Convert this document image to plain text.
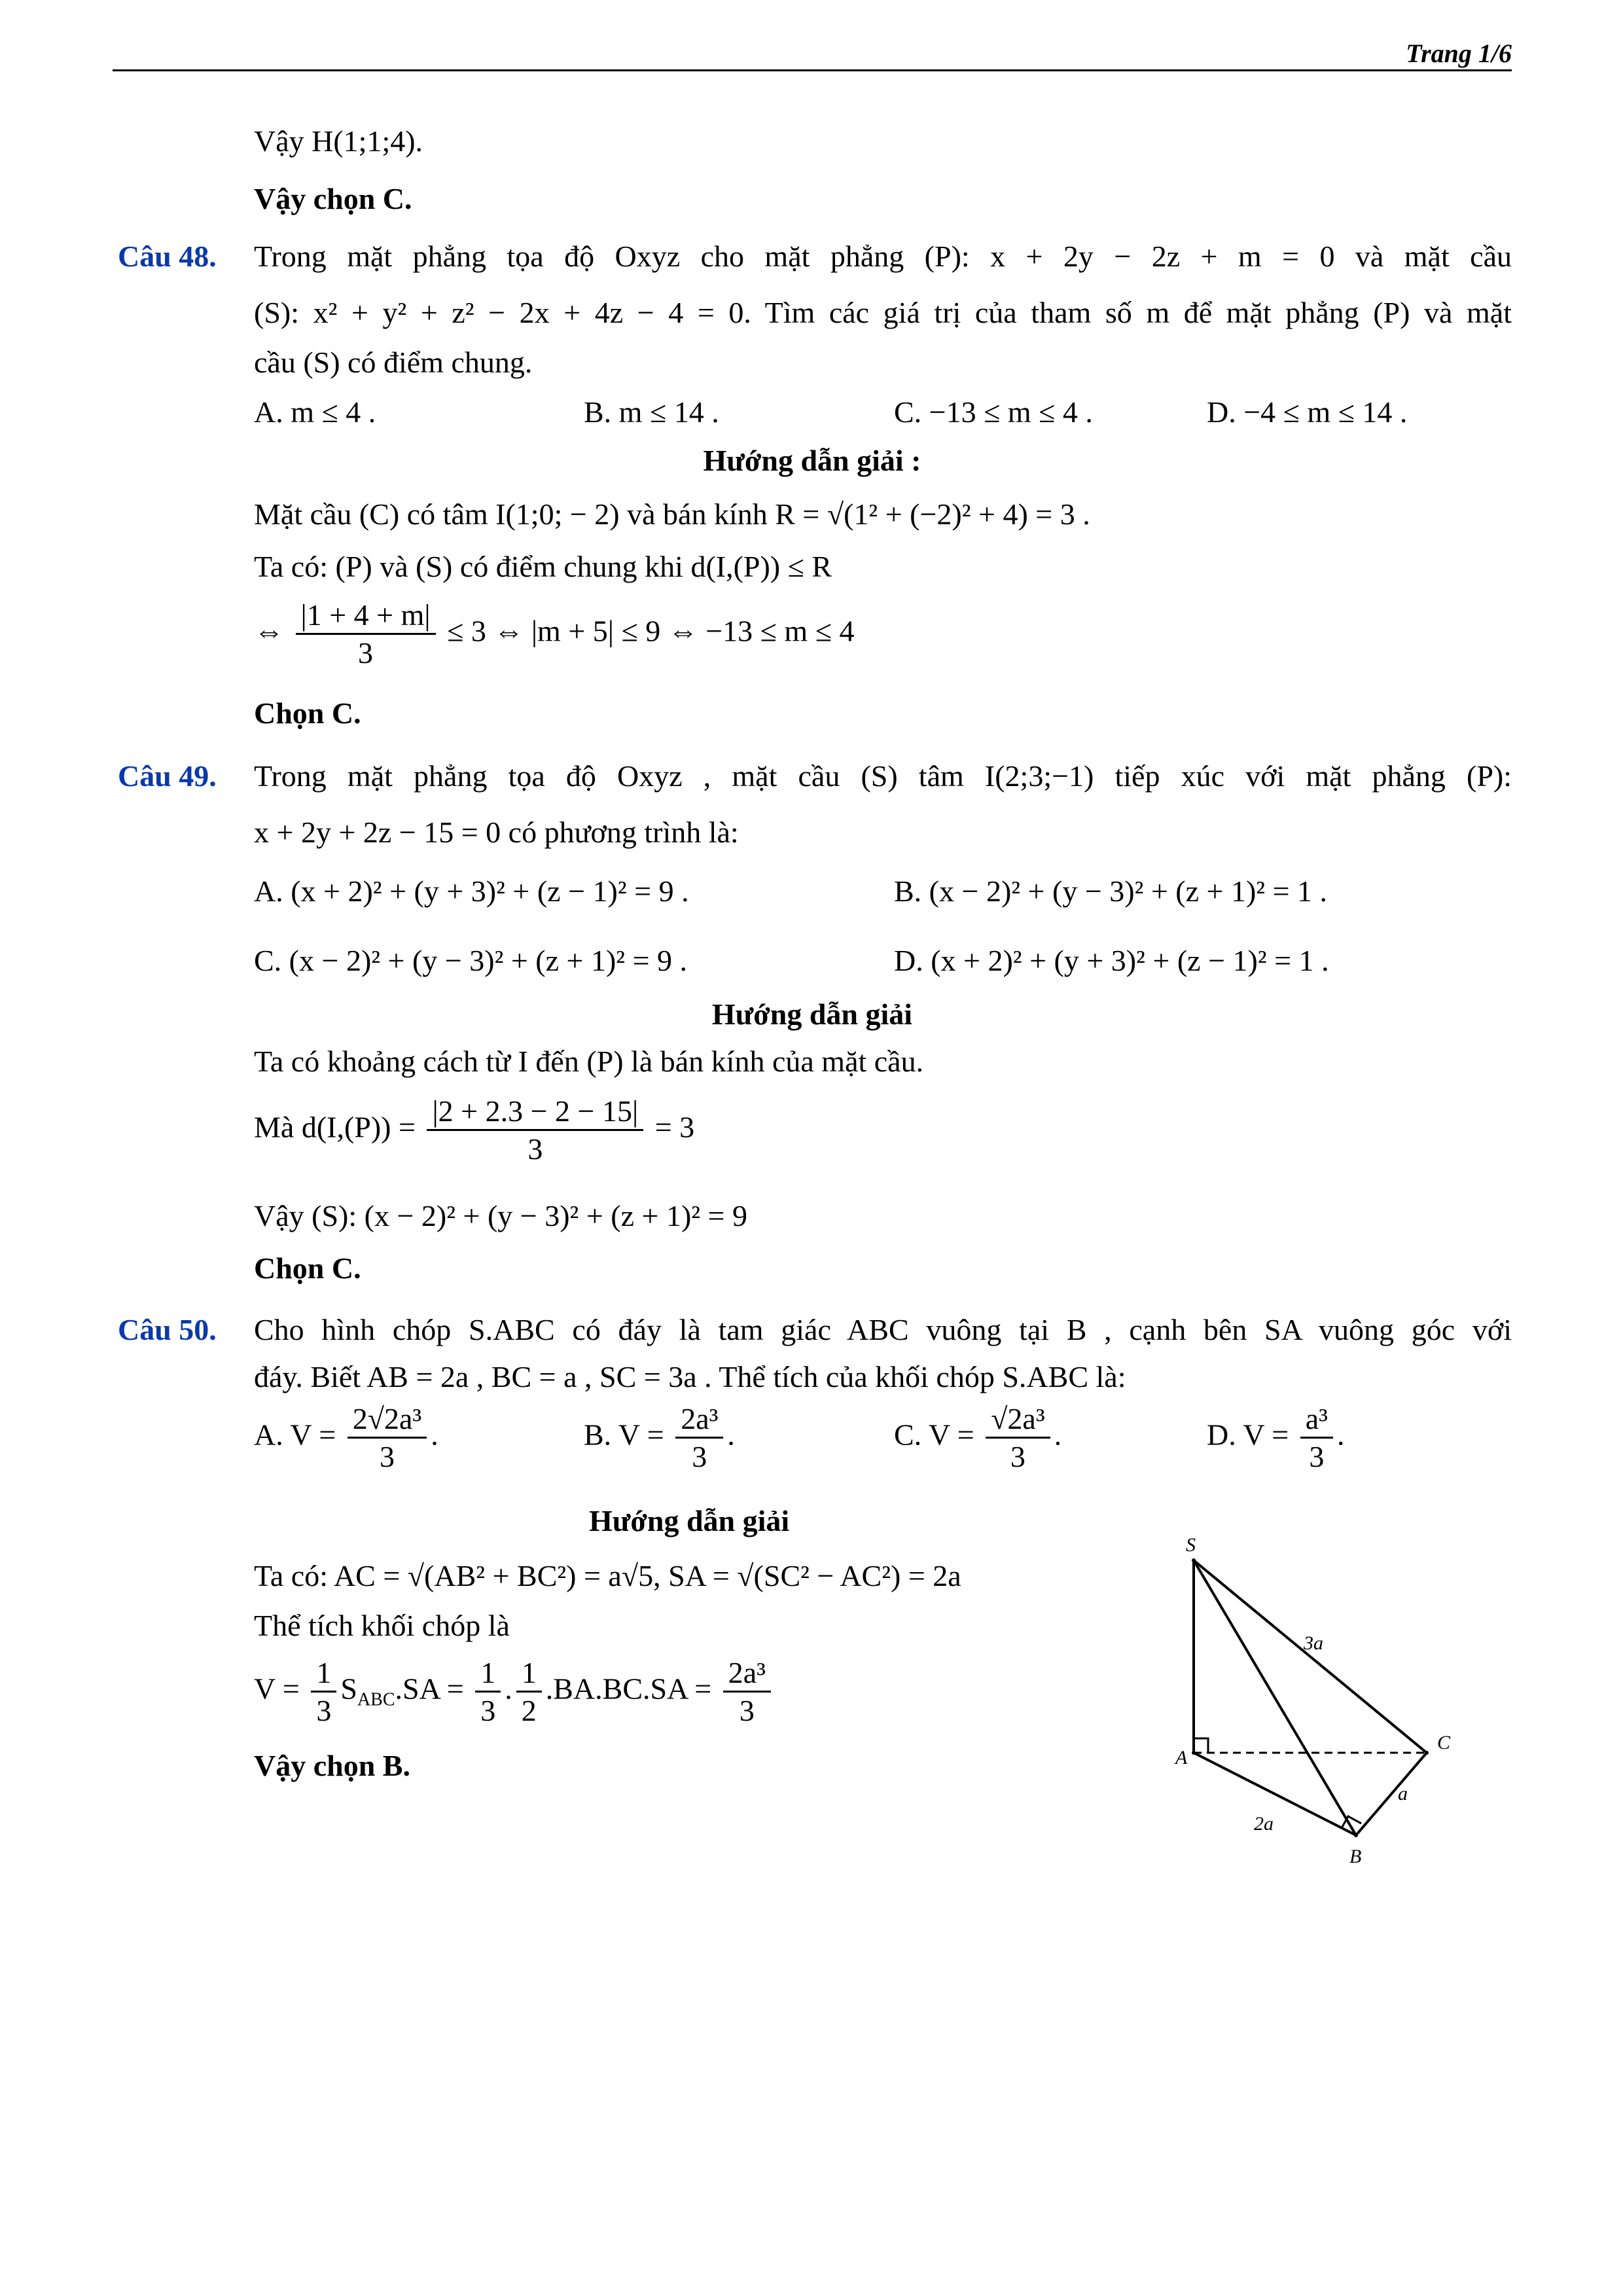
Trang 1/6
Vậy H(1;1;4).
Vậy chọn C.
Câu 48. Trong mặt phẳng tọa độ Oxyz cho mặt phẳng (P): x + 2y − 2z + m = 0 và mặt cầu
(S): x² + y² + z² − 2x + 4z − 4 = 0. Tìm các giá trị của tham số m để mặt phẳng (P) và mặt
cầu (S) có điểm chung.
A. m ≤ 4 .	B. m ≤ 14 .	C. −13 ≤ m ≤ 4 .	D. −4 ≤ m ≤ 14 .
Hướng dẫn giải :
Mặt cầu (C) có tâm I(1;0; − 2) và bán kính R = √(1² + (−2)² + 4) = 3 .
Ta có: (P) và (S) có điểm chung khi d(I,(P)) ≤ R
⇔ $\frac{|1 + 4 + m|}{3} \le 3$ ⇔ |m + 5| ≤ 9 ⇔ −13 ≤ m ≤ 4
Chọn C.
Câu 49. Trong mặt phẳng tọa độ Oxyz , mặt cầu (S) tâm I(2;3;−1) tiếp xúc với mặt phẳng (P):
x + 2y + 2z − 15 = 0 có phương trình là:
A. (x + 2)² + (y + 3)² + (z − 1)² = 9 .	B. (x − 2)² + (y − 3)² + (z + 1)² = 1 .
C. (x − 2)² + (y − 3)² + (z + 1)² = 9 .	D. (x + 2)² + (y + 3)² + (z − 1)² = 1 .
Hướng dẫn giải
Ta có khoảng cách từ I đến (P) là bán kính của mặt cầu.
Mà $d(I,(P)) = \frac{|2 + 2.3 - 2 - 15|}{3} = 3$
Vậy (S): (x − 2)² + (y − 3)² + (z + 1)² = 9
Chọn C.
Câu 50. Cho hình chóp S.ABC có đáy là tam giác ABC vuông tại B , cạnh bên SA vuông góc với
đáy. Biết AB = 2a , BC = a , SC = 3a . Thể tích của khối chóp S.ABC là:
A. $V = \frac{\text{2√2a³}}{3}$ .	B. $V = \frac{\text{2a³}}{3}$ .	C. $V = \frac{\text{√2a³}}{3}$ .	D. $V = \frac{\text{a³}}{3}$ .
Hướng dẫn giải
Ta có: AC = √(AB² + BC²) = a√5, SA = √(SC² − AC²) = 2a
Thể tích khối chóp là
$V = \frac{1}{3} S_{ABC}.SA = \frac{1}{3}$ . $\frac{1}{2} .BA.BC.SA = \frac{\text{2a³}}{3}$
Vậy chọn B.
S
A
B
C
3a
2a
a
